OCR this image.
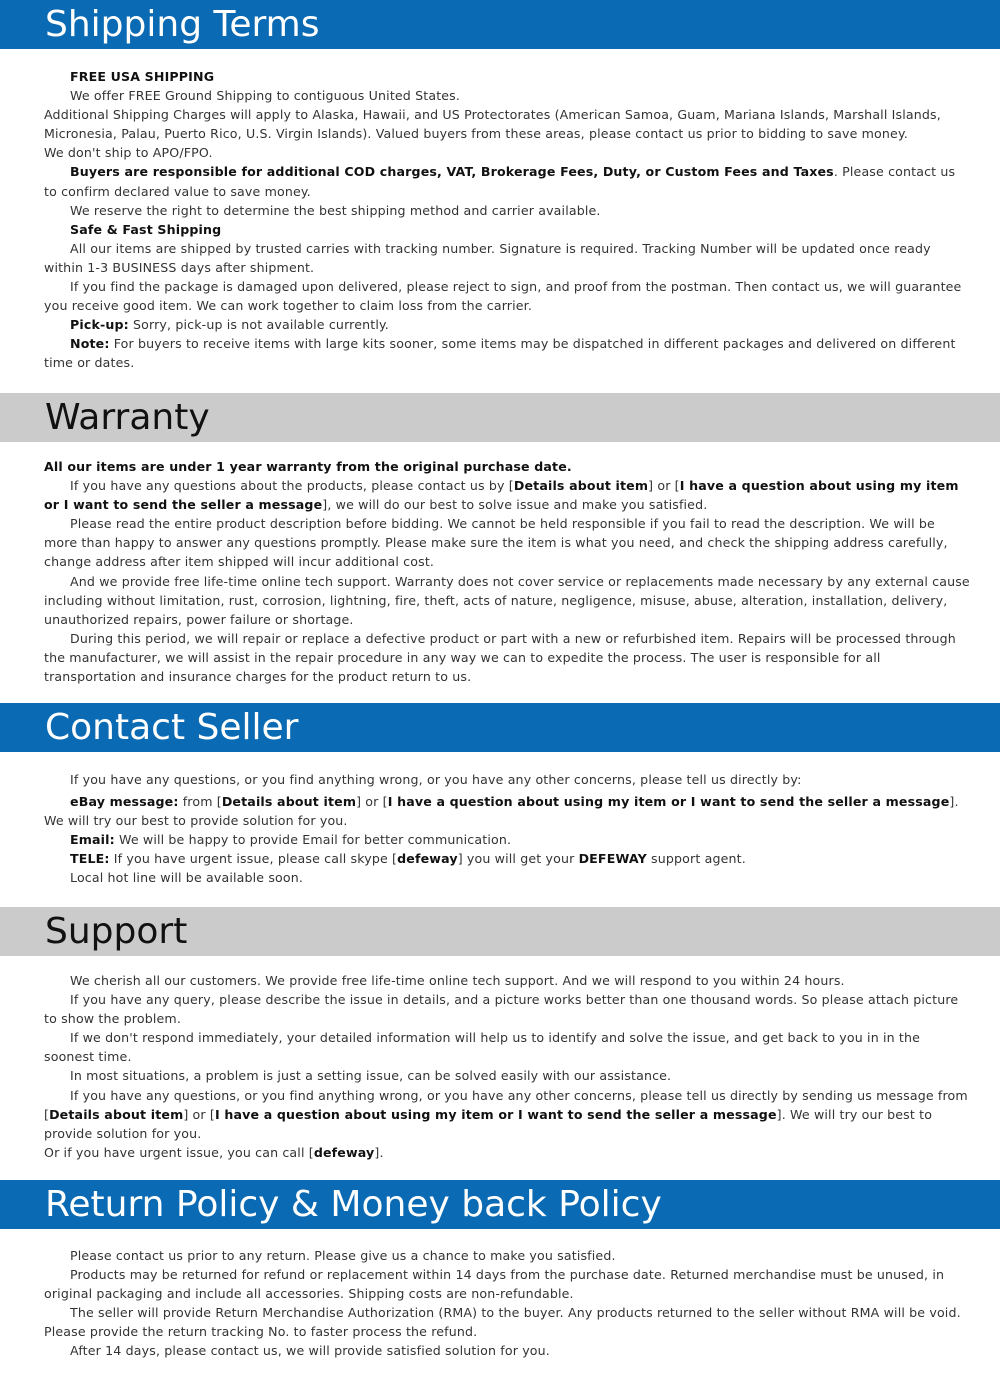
Shipping Terms

FREE USA SHIPPING

We offer FREE Ground Shipping to contiguous United States.

Additional Shipping Charges will apply to Alaska, Hawaii, and US Protectorates (American Samoa, Guam, Mariana Islands, Marshall Islands, Micronesia, Palau, Puerto Rico, U.S. Virgin Islands). Valued buyers from these areas, please contact us prior to bidding to save money.

We don't ship to APO/FPO.

Buyers are responsible for additional COD charges, VAT, Brokerage Fees, Duty, or Custom Fees and Taxes. Please contact us to confirm declared value to save money.

We reserve the right to determine the best shipping method and carrier available.

Safe & Fast Shipping

All our items are shipped by trusted carries with tracking number. Signature is required. Tracking Number will be updated once ready within 1-3 BUSINESS days after shipment.

If you find the package is damaged upon delivered, please reject to sign, and proof from the postman. Then contact us, we will guarantee you receive good item. We can work together to claim loss from the carrier.

Pick-up: Sorry, pick-up is not available currently.

Note: For buyers to receive items with large kits sooner, some items may be dispatched in different packages and delivered on different time or dates.

Warranty

All our items are under 1 year warranty from the original purchase date.

If you have any questions about the products, please contact us by [Details about item] or [I have a question about using my item or I want to send the seller a message], we will do our best to solve issue and make you satisfied.

Please read the entire product description before bidding. We cannot be held responsible if you fail to read the description. We will be more than happy to answer any questions promptly. Please make sure the item is what you need, and check the shipping address carefully, change address after item shipped will incur additional cost.

And we provide free life-time online tech support. Warranty does not cover service or replacements made necessary by any external cause including without limitation, rust, corrosion, lightning, fire, theft, acts of nature, negligence, misuse, abuse, alteration, installation, delivery, unauthorized repairs, power failure or shortage.

During this period, we will repair or replace a defective product or part with a new or refurbished item. Repairs will be processed through the manufacturer, we will assist in the repair procedure in any way we can to expedite the process. The user is responsible for all transportation and insurance charges for the product return to us.

Contact Seller

If you have any questions, or you find anything wrong, or you have any other concerns, please tell us directly by:

eBay message: from [Details about item] or [I have a question about using my item or I want to send the seller a message]. We will try our best to provide solution for you.

Email: We will be happy to provide Email for better communication.

TELE: If you have urgent issue, please call skype [defeway] you will get your DEFEWAY support agent.

Local hot line will be available soon.

Support

We cherish all our customers. We provide free life-time online tech support. And we will respond to you within 24 hours.

If you have any query, please describe the issue in details, and a picture works better than one thousand words. So please attach picture to show the problem.

If we don't respond immediately, your detailed information will help us to identify and solve the issue, and get back to you in in the soonest time.

In most situations, a problem is just a setting issue, can be solved easily with our assistance.

If you have any questions, or you find anything wrong, or you have any other concerns, please tell us directly by sending us message from [Details about item] or [I have a question about using my item or I want to send the seller a message]. We will try our best to provide solution for you.

Or if you have urgent issue, you can call [defeway].

Return Policy & Money back Policy

Please contact us prior to any return. Please give us a chance to make you satisfied.

Products may be returned for refund or replacement within 14 days from the purchase date. Returned merchandise must be unused, in original packaging and include all accessories. Shipping costs are non-refundable.

The seller will provide Return Merchandise Authorization (RMA) to the buyer. Any products returned to the seller without RMA will be void. Please provide the return tracking No. to faster process the refund.

After 14 days, please contact us, we will provide satisfied solution for you.
